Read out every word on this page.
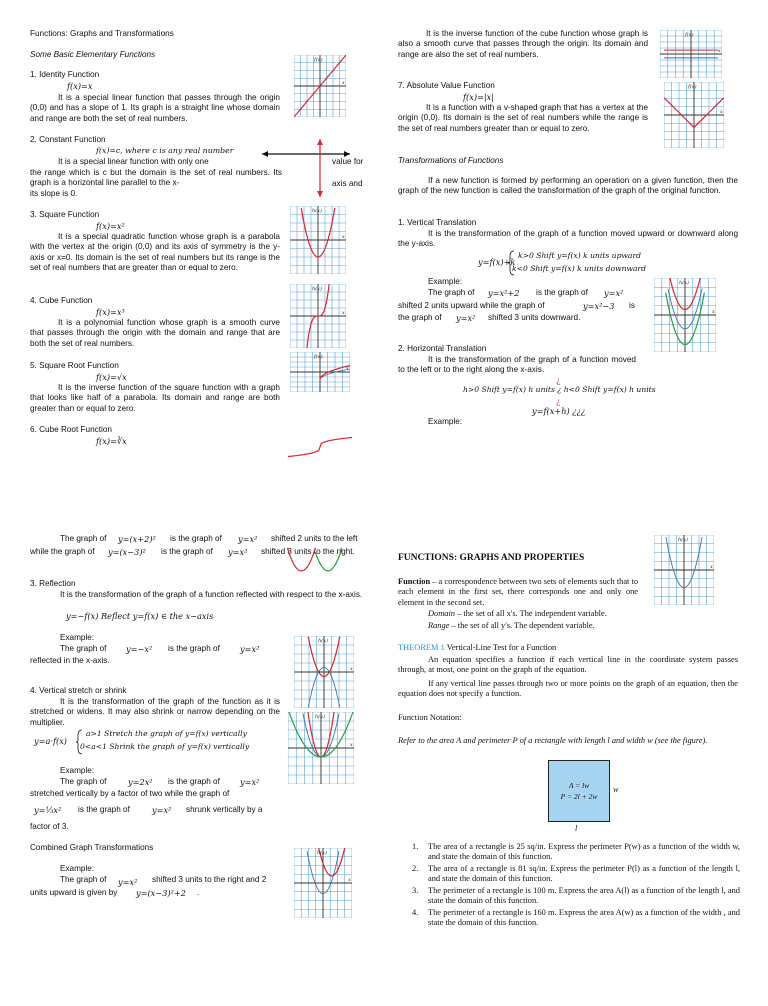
Functions: Graphs and Transformations
Some Basic Elementary Functions
1. Identity Function
f(x)=x
It is a special linear function that passes through the origin (0,0) and has a slope of 1. Its graph is a straight line whose domain and range are both the set of real numbers.
2. Constant Function
f(x)=c, where c is any real number
It is a special linear function with only one	value for
the range which is c but the domain is the set of real numbers. Its graph is a horizontal line parallel to the x-	axis and
its slope is 0.
3. Square Function
f(x)=x²
It is a special quadratic function whose graph is a parabola with the vertex at the origin (0,0) and its axis of symmetry is the y-axis or x=0. Its domain is the set of real numbers but its range is the set of real numbers that are greater than or equal to zero.
4. Cube Function
f(x)=x³
It is a polynomial function whose graph is a smooth curve that passes through the origin with the domain and range that are both the set of real numbers.
5. Square Root Function
f(x)=√x
It is the inverse function of the square function with a graph that looks like half of a parabola. Its domain and range are both greater than or equal to zero.
6. Cube Root Function
f(x)=∛x
It is the inverse function of the cube function whose graph is also a smooth curve that passes through the origin. Its domain and range are also the set of real numbers.
7. Absolute Value Function
f(x)=|x|
It is a function with a v-shaped graph that has a vertex at the origin (0,0). Its domain is the set of real numbers while the range is the set of real numbers greater than or equal to zero.
Transformations of Functions
If a new function is formed by performing an operation on a given function, then the graph of the new function is called the transformation of the graph of the original function.
1. Vertical Translation
It is the transformation of the graph of a function moved upward or downward along the y-axis.
y=f(x)+k
k>0 Shift y=f(x) k units upward
k<0 Shift y=f(x) k units downward
Example:
The graph of y=x²+2 is the graph of y=x²
shifted 2 units upward while the graph of	y=x²−3 is
the graph of y=x² shifted 3 units downward.
2. Horizontal Translation
It is the transformation of the graph of a function moved to the left or to the right along the x-axis.
¿
h>0 Shift y=f(x) h units ¿ h<0 Shift y=f(x) h units
¿
y=f(x+h) ¿¿¿
Example:
The graph of y=(x+2)² is the graph of y=x² shifted 2 units to the left
while the graph of y=(x−3)² is the graph of y=x² shifted 3 units to the right.
3. Reflection
It is the transformation of the graph of a function reflected with respect to the x-axis.
y=−f(x) Reflect y=f(x) ∈ the x−axis
Example:
The graph of y=−x² is the graph of y=x²
reflected in the x-axis.
4. Vertical stretch or shrink
It is the transformation of the graph of the function as it is stretched or widens. It may also shrink or narrow depending on the multiplier.
y=a·f(x)
a>1 Stretch the graph of y=f(x) vertically
0<a<1 Shrink the graph of y=f(x) vertically
Example:
The graph of	y=2x² is the graph of y=x²
stretched vertically by a factor of two while the graph of
y=⅓x² is the graph of	y=x² shrunk vertically by a
factor of 3.
Combined Graph Transformations
Example:
The graph of y=x² shifted 3 units to the right and 2
units upward is given by y=(x−3)²+2 .
FUNCTIONS: GRAPHS AND PROPERTIES
Function – a correspondence between two sets of elements such that to each element in the first set, there corresponds one and only one element in the second set.
Domain – the set of all x's. The independent variable.
Range – the set of all y's. The dependent variable.
THEOREM 1 Vertical-Line Test for a Function
An equation specifies a function if each vertical line in the coordinate system passes through, at most, one point on the graph of the equation.
If any vertical line passes through two or more points on the graph of an equation, then the equation does not specify a function.
Function Notation:
Refer to the area A and perimeter P of a rectangle with length l and width w (see the figure).
A = lw
P = 2l + 2w
w
l
1. The area of a rectangle is 25 sq/in. Express the perimeter P(w) as a function of the width w, and state the domain of this function.
2. The area of a rectangle is 81 sq/in. Express the perimeter P(l) as a function of the length l, and state the domain of this function.
3. The perimeter of a rectangle is 100 m. Express the area A(l) as a function of the length l, and state the domain of this function.
4. The perimeter of a rectangle is 160 m. Express the area A(w) as a function of the width , and state the domain of this function.
f(x)
x
h(x)
x
h(x)
x
f(x)
x
f(x)
x
f(x)
x
h(x)
x
h(x)
x
h(x)
x
h(x)
x
h(x)
x
